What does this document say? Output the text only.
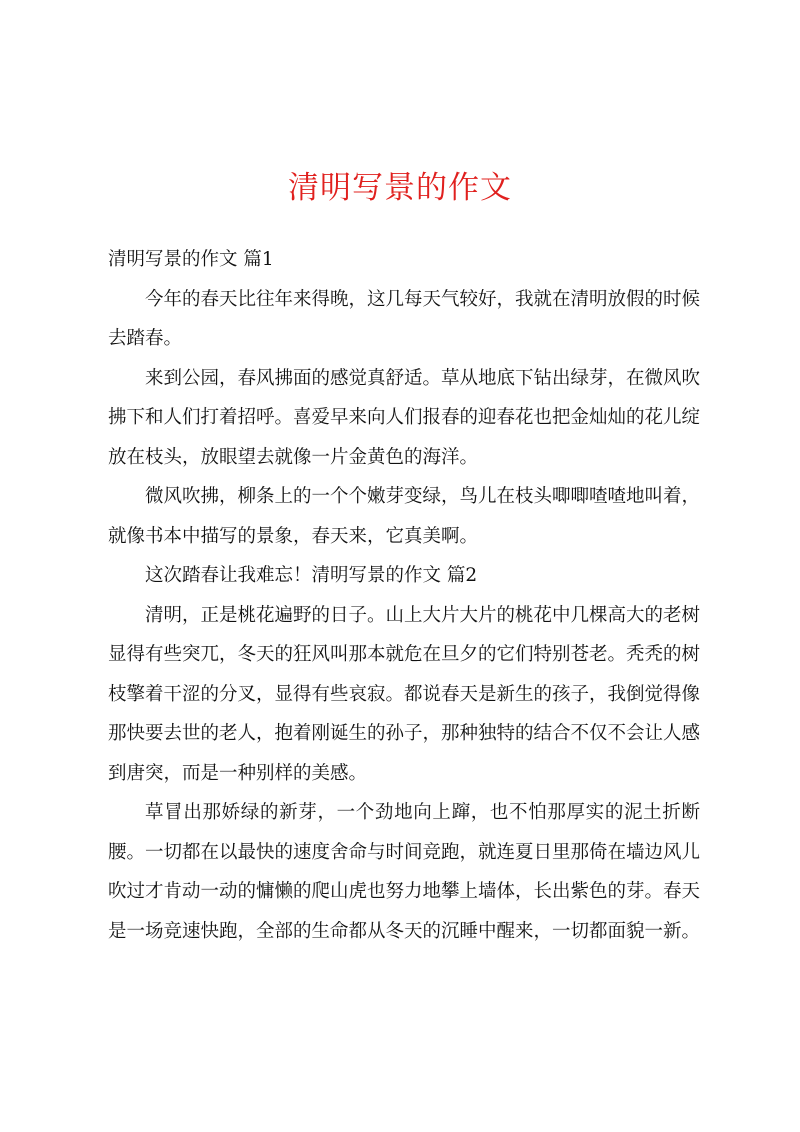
清明写景的作文

清明写景的作文 篇1

今年的春天比往年来得晚，这几每天气较好，我就在清明放假的时候去踏春。

来到公园，春风拂面的感觉真舒适。草从地底下钻出绿芽，在微风吹拂下和人们打着招呼。喜爱早来向人们报春的迎春花也把金灿灿的花儿绽放在枝头，放眼望去就像一片金黄色的海洋。

微风吹拂，柳条上的一个个嫩芽变绿，鸟儿在枝头唧唧喳喳地叫着，就像书本中描写的景象，春天来，它真美啊。

这次踏春让我难忘！清明写景的作文 篇2

清明，正是桃花遍野的日子。山上大片大片的桃花中几棵高大的老树显得有些突兀，冬天的狂风叫那本就危在旦夕的它们特别苍老。秃秃的树枝擎着干涩的分叉，显得有些哀寂。都说春天是新生的孩子，我倒觉得像那快要去世的老人，抱着刚诞生的孙子，那种独特的结合不仅不会让人感到唐突，而是一种别样的美感。

草冒出那娇绿的新芽，一个劲地向上蹿，也不怕那厚实的泥土折断腰。一切都在以最快的速度舍命与时间竞跑，就连夏日里那倚在墙边风儿吹过才肯动一动的慵懒的爬山虎也努力地攀上墙体，长出紫色的芽。春天是一场竞速快跑，全部的生命都从冬天的沉睡中醒来，一切都面貌一新。
